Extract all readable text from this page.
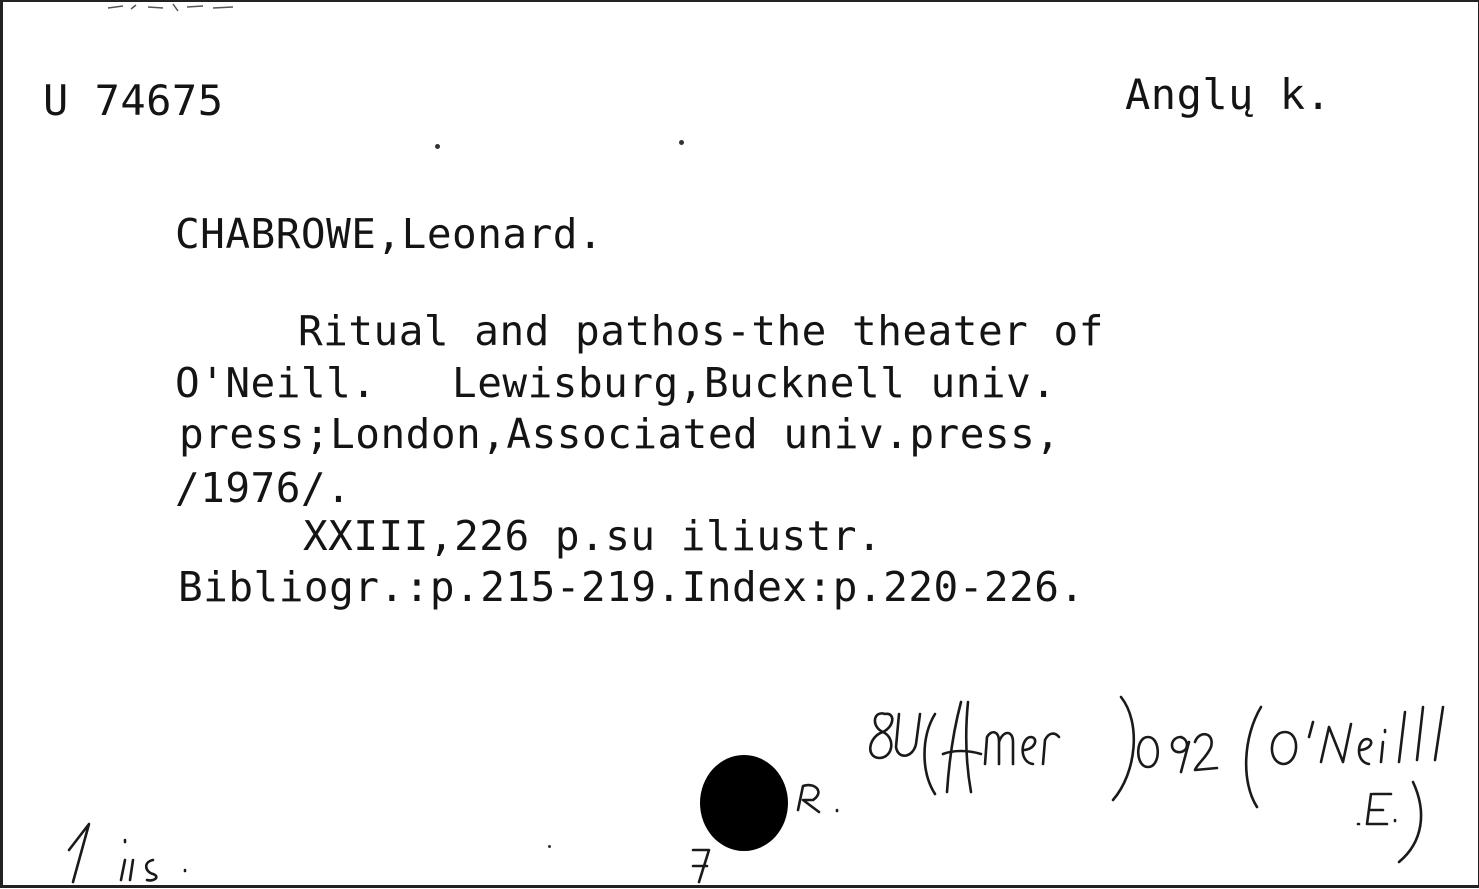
U 74675	Anglų k.
CHABROWE,Leonard.
Ritual and pathos-the theater of
O'Neill.   Lewisburg,Bucknell univ.
press;London,Associated univ.press,
/1976/.
XXIII,226 p.su iliustr.
Bibliogr.:p.215-219.Index:p.220-226.
